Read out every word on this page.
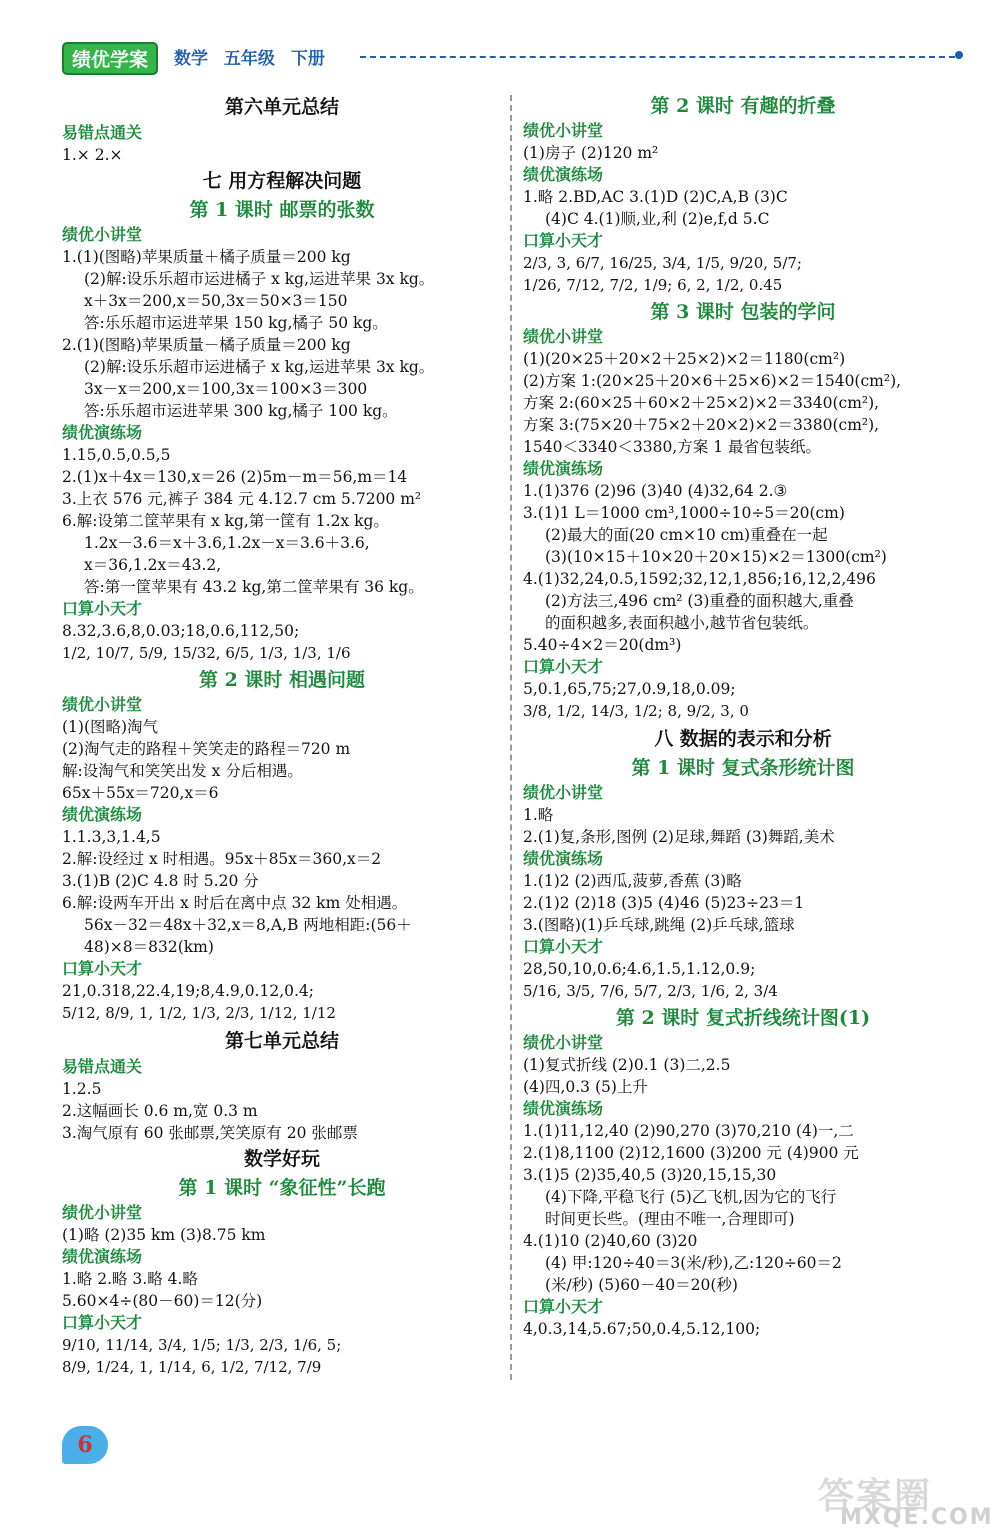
绩优学案	数学 五年级 下册
第六单元总结
易错点通关
1.× 2.×
七 用方程解决问题
第 1 课时 邮票的张数
绩优小讲堂
1.(1)(图略)苹果质量＋橘子质量＝200 kg
(2)解:设乐乐超市运进橘子 x kg,运进苹果 3x kg。
x＋3x＝200,x＝50,3x＝50×3＝150
答:乐乐超市运进苹果 150 kg,橘子 50 kg。
2.(1)(图略)苹果质量－橘子质量＝200 kg
(2)解:设乐乐超市运进橘子 x kg,运进苹果 3x kg。
3x－x＝200,x＝100,3x＝100×3＝300
答:乐乐超市运进苹果 300 kg,橘子 100 kg。
绩优演练场
1.15,0.5,0.5,5
2.(1)x＋4x＝130,x＝26 (2)5m－m＝56,m＝14
3.上衣 576 元,裤子 384 元 4.12.7 cm 5.7200 m²
6.解:设第二筐苹果有 x kg,第一筐有 1.2x kg。
1.2x－3.6＝x＋3.6,1.2x－x＝3.6＋3.6,
x＝36,1.2x＝43.2,
答:第一筐苹果有 43.2 kg,第二筐苹果有 36 kg。
口算小天才
8.32,3.6,8,0.03;18,0.6,112,50;
1/2, 10/7, 5/9, 15/32, 6/5, 1/3, 1/3, 1/6
第 2 课时 相遇问题
绩优小讲堂
(1)(图略)淘气
(2)淘气走的路程＋笑笑走的路程＝720 m
解:设淘气和笑笑出发 x 分后相遇。
65x＋55x＝720,x＝6
绩优演练场
1.1.3,3,1.4,5
2.解:设经过 x 时相遇。95x＋85x＝360,x＝2
3.(1)B (2)C 4.8 时 5.20 分
6.解:设两车开出 x 时后在离中点 32 km 处相遇。
56x－32＝48x＋32,x＝8,A,B 两地相距:(56＋
48)×8＝832(km)
口算小天才
21,0.318,22.4,19;8,4.9,0.12,0.4;
5/12, 8/9, 1, 1/2, 1/3, 2/3, 1/12, 1/12
第七单元总结
易错点通关
1.2.5
2.这幅画长 0.6 m,宽 0.3 m
3.淘气原有 60 张邮票,笑笑原有 20 张邮票
数学好玩
第 1 课时 “象征性”长跑
绩优小讲堂
(1)略 (2)35 km (3)8.75 km
绩优演练场
1.略 2.略 3.略 4.略
5.60×4÷(80－60)＝12(分)
口算小天才
9/10, 11/14, 3/4, 1/5; 1/3, 2/3, 1/6, 5;
8/9, 1/24, 1, 1/14, 6, 1/2, 7/12, 7/9
第 2 课时 有趣的折叠
绩优小讲堂
(1)房子 (2)120 m²
绩优演练场
1.略 2.BD,AC 3.(1)D (2)C,A,B (3)C
(4)C 4.(1)顺,业,利 (2)e,f,d 5.C
口算小天才
2/3, 3, 6/7, 16/25, 3/4, 1/5, 9/20, 5/7;
1/26, 7/12, 7/2, 1/9; 6, 2, 1/2, 0.45
第 3 课时 包装的学问
绩优小讲堂
(1)(20×25＋20×2＋25×2)×2＝1180(cm²)
(2)方案 1:(20×25＋20×6＋25×6)×2＝1540(cm²),
方案 2:(60×25＋60×2＋25×2)×2＝3340(cm²),
方案 3:(75×20＋75×2＋20×2)×2＝3380(cm²),
1540＜3340＜3380,方案 1 最省包装纸。
绩优演练场
1.(1)376 (2)96 (3)40 (4)32,64 2.③
3.(1)1 L＝1000 cm³,1000÷10÷5＝20(cm)
(2)最大的面(20 cm×10 cm)重叠在一起
(3)(10×15＋10×20＋20×15)×2＝1300(cm²)
4.(1)32,24,0.5,1592;32,12,1,856;16,12,2,496
(2)方法三,496 cm² (3)重叠的面积越大,重叠
的面积越多,表面积越小,越节省包装纸。
5.40÷4×2＝20(dm³)
口算小天才
5,0.1,65,75;27,0.9,18,0.09;
3/8, 1/2, 14/3, 1/2; 8, 9/2, 3, 0
八 数据的表示和分析
第 1 课时 复式条形统计图
绩优小讲堂
1.略
2.(1)复,条形,图例 (2)足球,舞蹈 (3)舞蹈,美术
绩优演练场
1.(1)2 (2)西瓜,菠萝,香蕉 (3)略
2.(1)2 (2)18 (3)5 (4)46 (5)23÷23＝1
3.(图略)(1)乒乓球,跳绳 (2)乒乓球,篮球
口算小天才
28,50,10,0.6;4.6,1.5,1.12,0.9;
5/16, 3/5, 7/6, 5/7, 2/3, 1/6, 2, 3/4
第 2 课时 复式折线统计图(1)
绩优小讲堂
(1)复式折线 (2)0.1 (3)二,2.5
(4)四,0.3 (5)上升
绩优演练场
1.(1)11,12,40 (2)90,270 (3)70,210 (4)一,二
2.(1)8,1100 (2)12,1600 (3)200 元 (4)900 元
3.(1)5 (2)35,40,5 (3)20,15,15,30
(4)下降,平稳飞行 (5)乙飞机,因为它的飞行
时间更长些。(理由不唯一,合理即可)
4.(1)10 (2)40,60 (3)20
(4) 甲:120÷40＝3(米/秒),乙:120÷60＝2
(米/秒) (5)60－40＝20(秒)
口算小天才
4,0.3,14,5.67;50,0.4,5.12,100;
6
答案圈
MXQE.COM
